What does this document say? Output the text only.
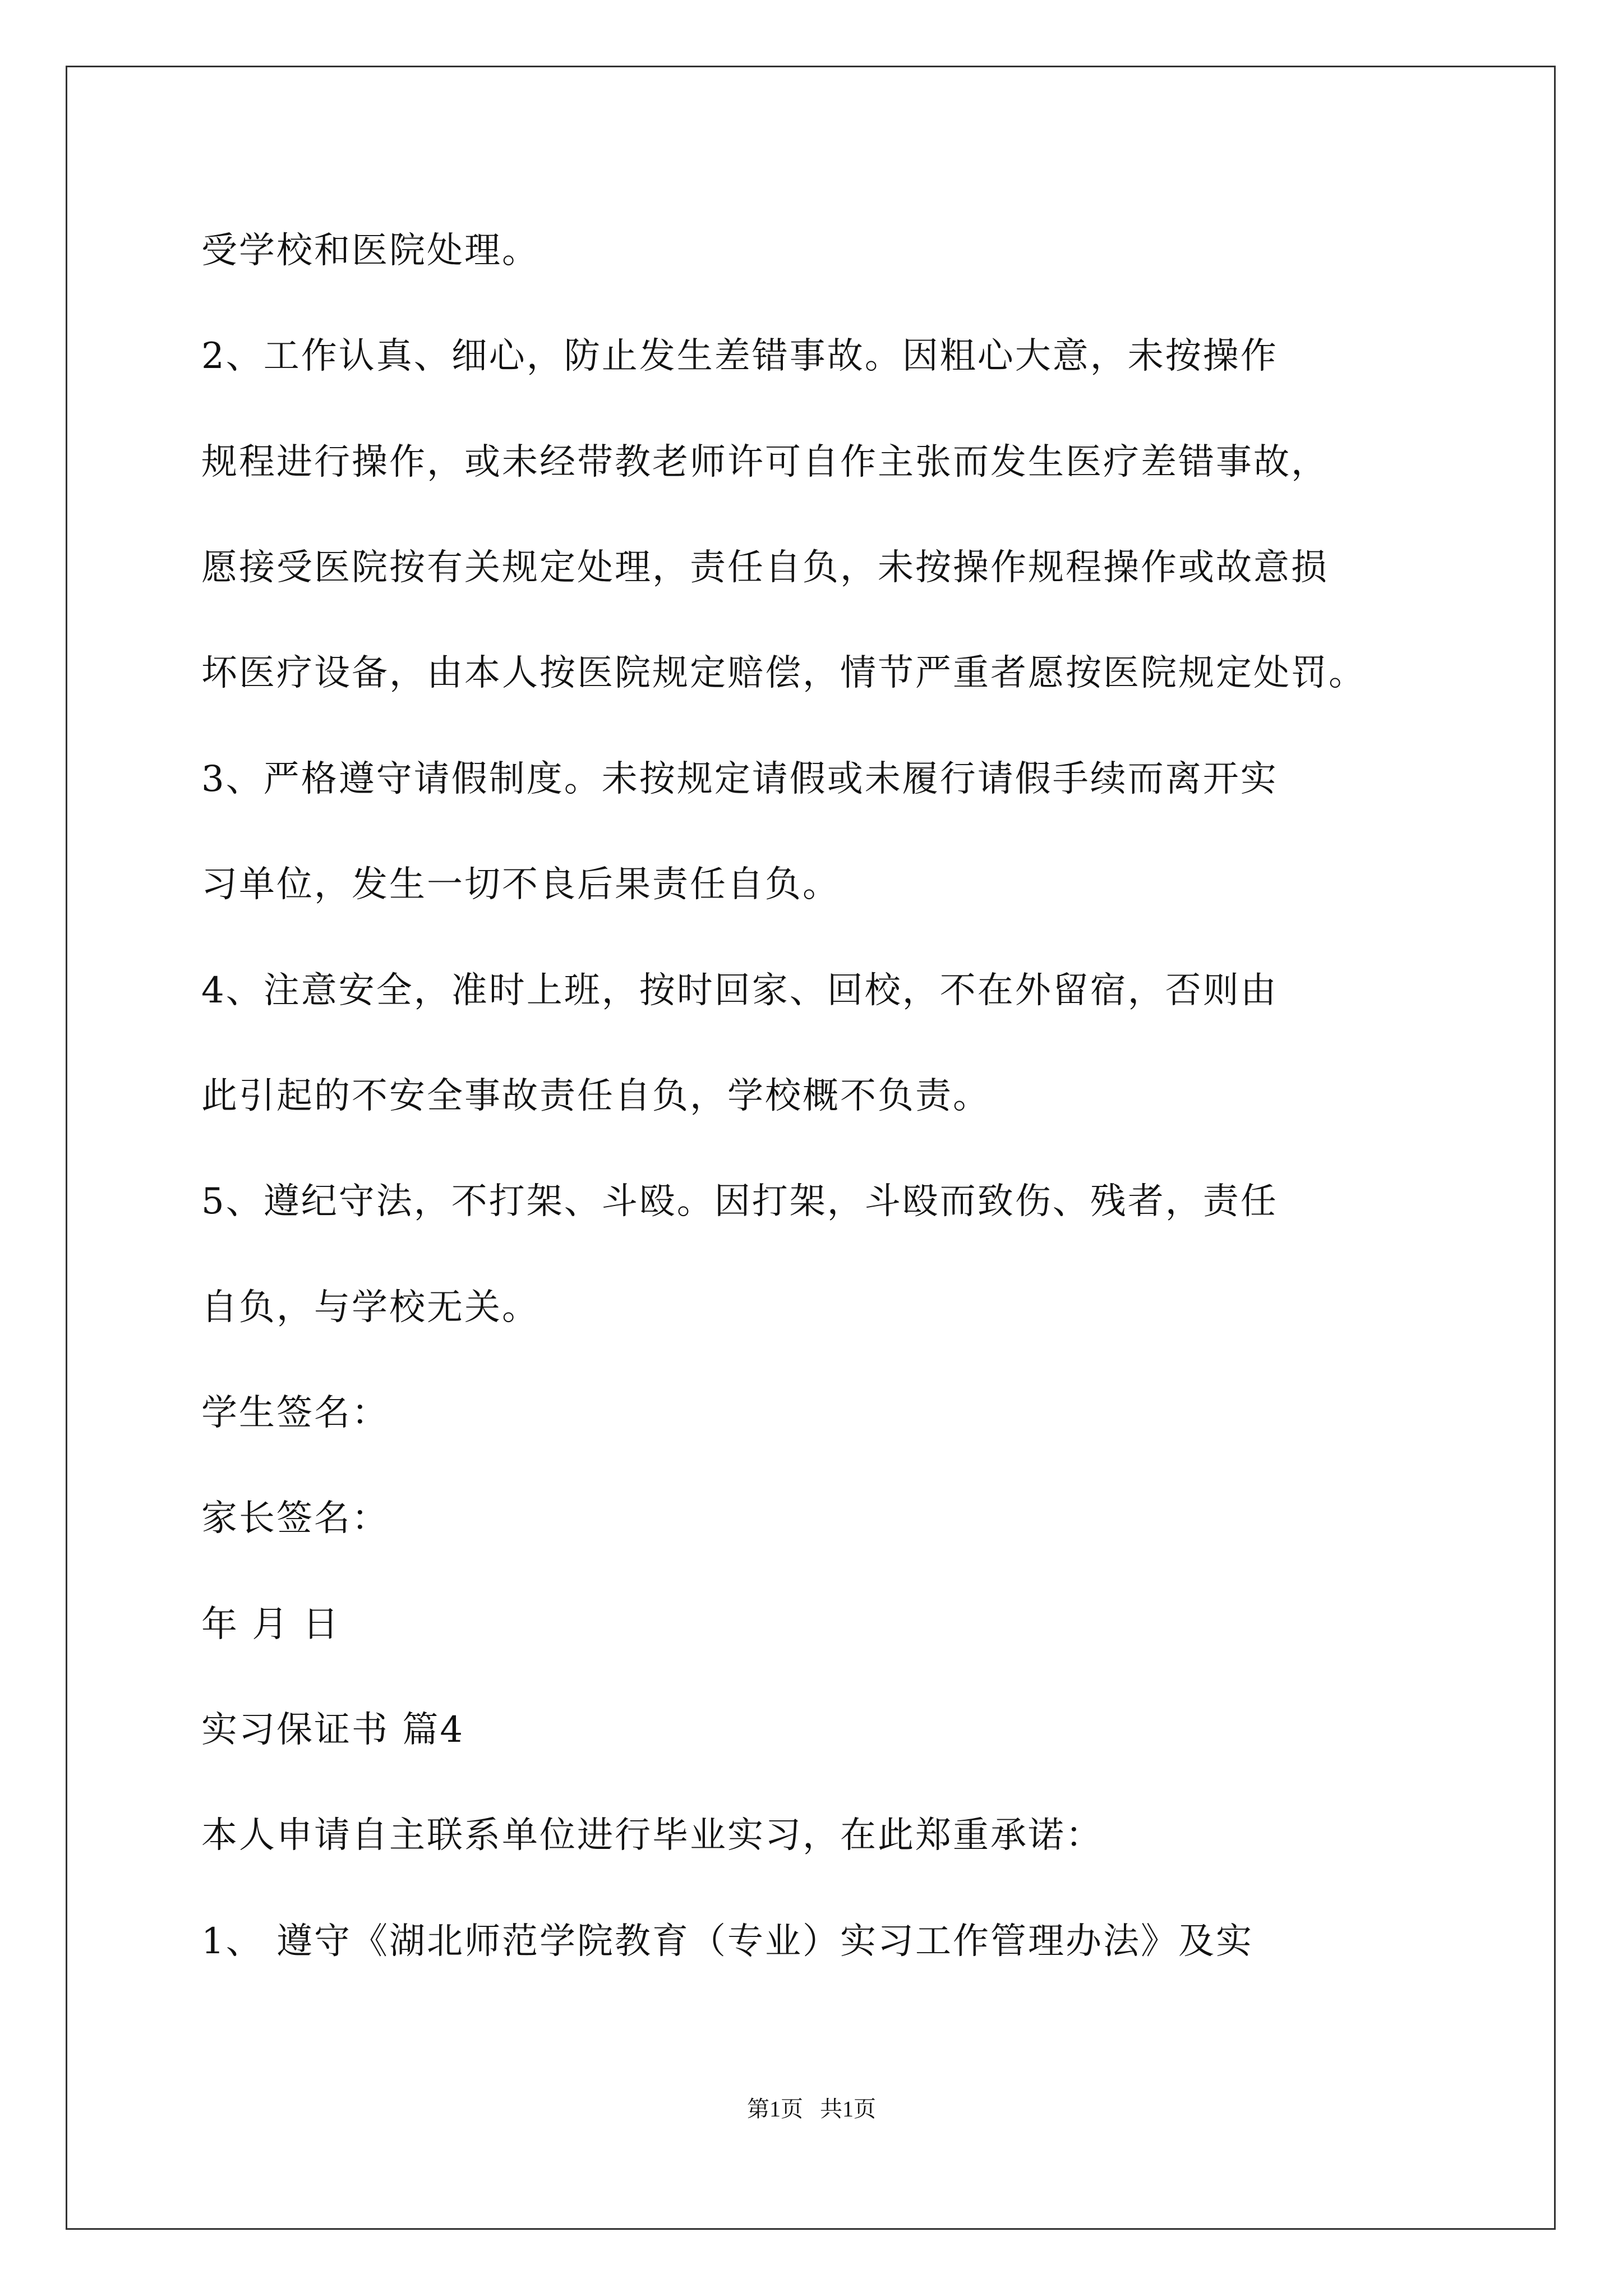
受学校和医院处理。
2、工作认真、细心，防止发生差错事故。因粗心大意，未按操作
规程进行操作，或未经带教老师许可自作主张而发生医疗差错事故，
愿接受医院按有关规定处理，责任自负，未按操作规程操作或故意损
坏医疗设备，由本人按医院规定赔偿，情节严重者愿按医院规定处罚。
3、严格遵守请假制度。未按规定请假或未履行请假手续而离开实
习单位，发生一切不良后果责任自负。
4、注意安全，准时上班，按时回家、回校，不在外留宿，否则由
此引起的不安全事故责任自负，学校概不负责。
5、遵纪守法，不打架、斗殴。因打架，斗殴而致伤、残者，责任
自负，与学校无关。
学生签名：
家长签名：
年 月 日
实习保证书 篇4
本人申请自主联系单位进行毕业实习，在此郑重承诺：
1、 遵守《湖北师范学院教育（专业）实习工作管理办法》及实
第1页   共1页
